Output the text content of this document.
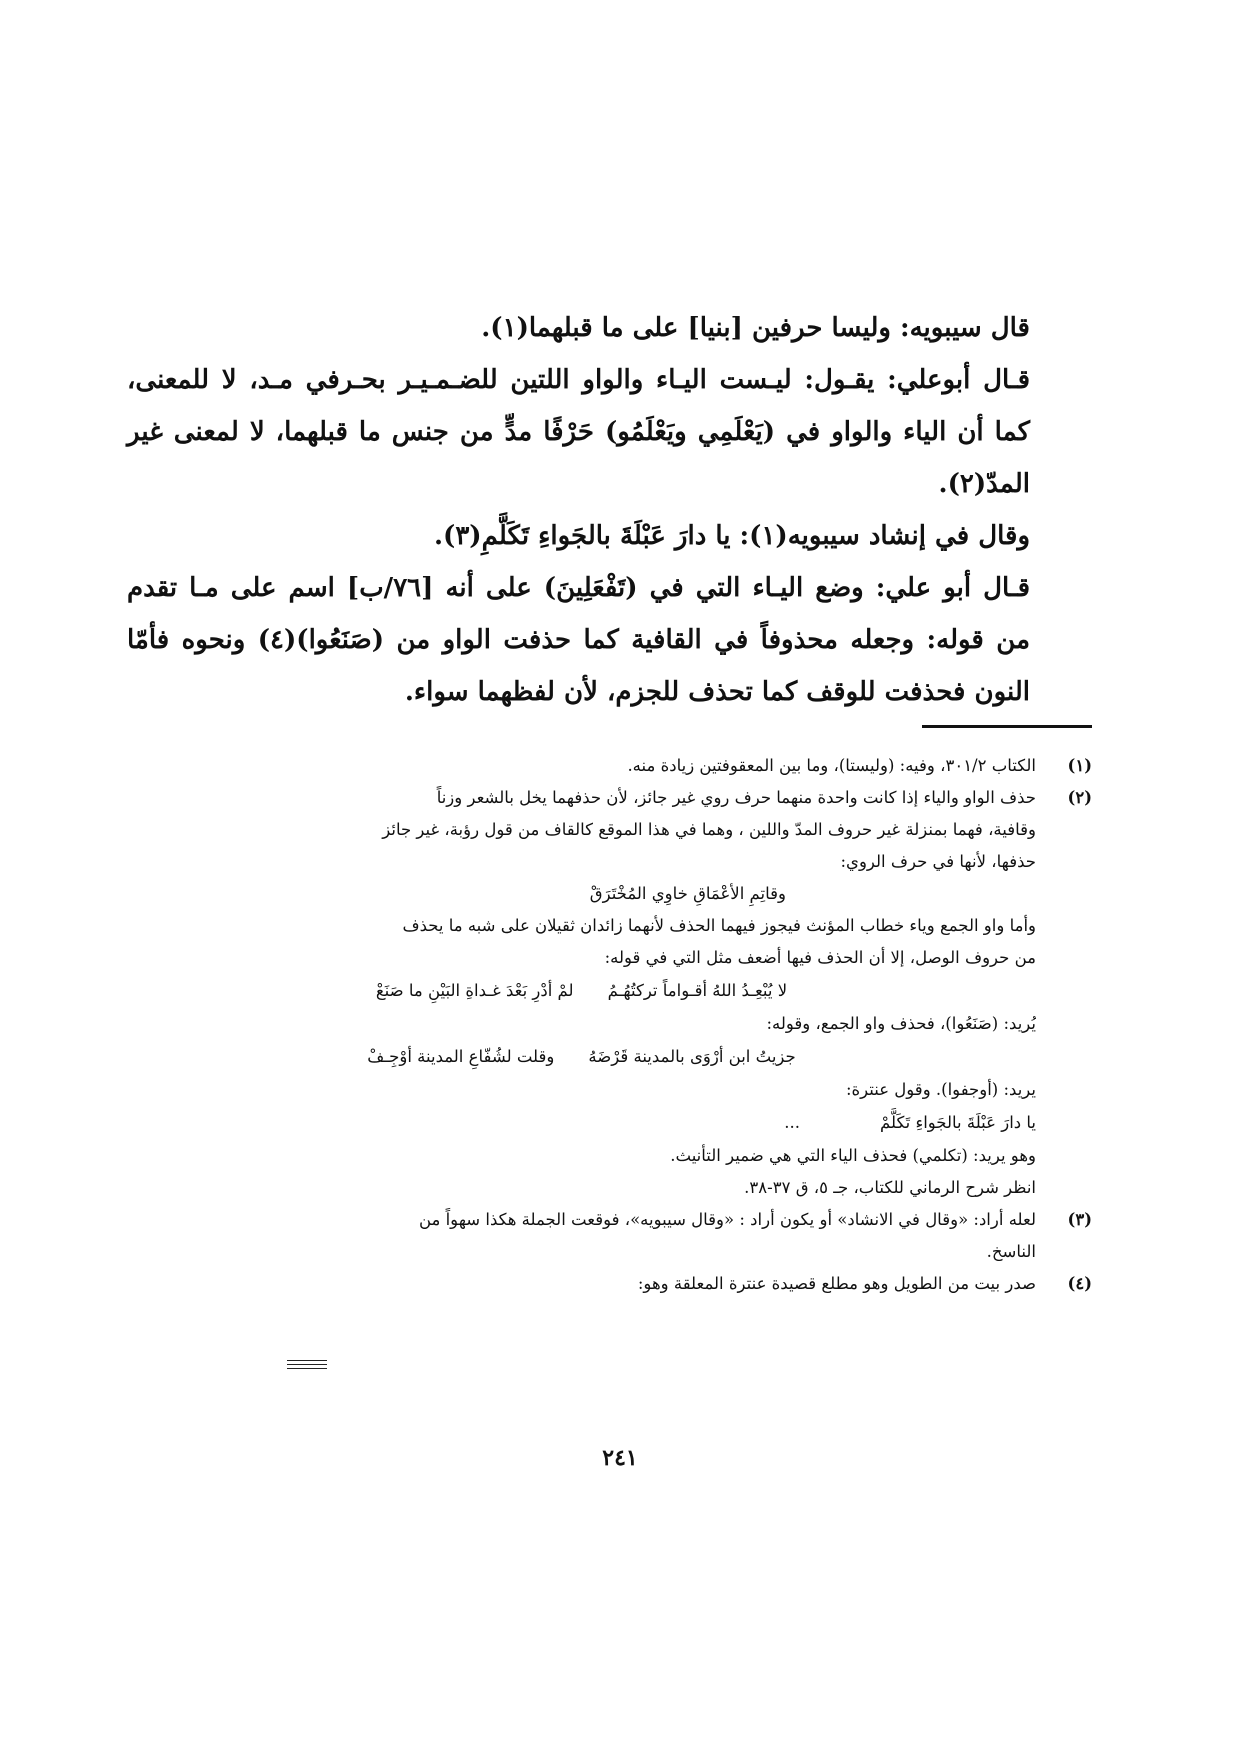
قال سيبويه: وليسا حرفين [بنيا] على ما قبلهما(١).

قـال أبوعلي: يقـول: ليـست اليـاء والواو اللتين للضـمـيـر بحـرفي مـد، لا للمعنى، كما أن الياء والواو في (يَعْلَمِي ويَعْلَمُو) حَرْفًا مدٍّ من جنس ما قبلهما، لا لمعنى غير المدّ(٢).

وقال في إنشاد سيبويه(١): يا دارَ عَبْلَةَ بالجَواءِ تَكَلَّمِ(٣).

قـال أبو علي: وضع اليـاء التي في (تَفْعَلِينَ) على أنه [٧٦/ب] اسم على مـا تقدم من قوله: وجعله محذوفاً في القافية كما حذفت الواو من (صَنَعُوا)(٤) ونحوه فأمّا النون فحذفت للوقف كما تحذف للجزم، لأن لفظهما سواء.

(١)

الكتاب ٣٠١/٢، وفيه: (وليستا)، وما بين المعقوفتين زيادة منه.

(٢)

حذف الواو والياء إذا كانت واحدة منهما حرف روي غير جائز، لأن حذفهما يخل بالشعر وزناً

وقافية، فهما بمنزلة غير حروف المدّ واللين ، وهما في هذا الموقع كالقاف من قول رؤبة، غير جائز

حذفها، لأنها في حرف الروي:

وقاتِمِ الأعْمَاقِ خاوِي المُخْتَرَقْ

وأما واو الجمع وياء خطاب المؤنث فيجوز فيهما الحذف لأنهما زائدان ثقيلان على شبه ما يحذف

من حروف الوصل، إلا أن الحذف فيها أضعف مثل التي في قوله:

لا يُبْعِـدُ اللهُ أقـواماً تركتُهُـمُ
لمْ أدْرِ بَعْدَ غـداةِ البَيْنِ ما صَنَعْ

يُريد: (صَنَعُوا)، فحذف واو الجمع، وقوله:

جزيتُ ابن أرْوَى بالمدينة قَرْضَهُ
وقلت لشُفّاعِ المدينة أوْجِـفْ

يريد: (أوجفوا). وقول عنترة:

يا دارَ عَبْلَةَ بالجَواءِ تَكَلَّمْ
...

وهو يريد: (تكلمي) فحذف الياء التي هي ضمير التأنيث.

انظر شرح الرماني للكتاب، جـ ٥، ق ٣٧-٣٨.

(٣)

لعله أراد: «وقال في الانشاد» أو يكون أراد : «وقال سيبويه»، فوقعت الجملة هكذا سهواً من

الناسخ.

(٤)

صدر بيت من الطويل وهو مطلع قصيدة عنترة المعلقة وهو:

٢٤١
